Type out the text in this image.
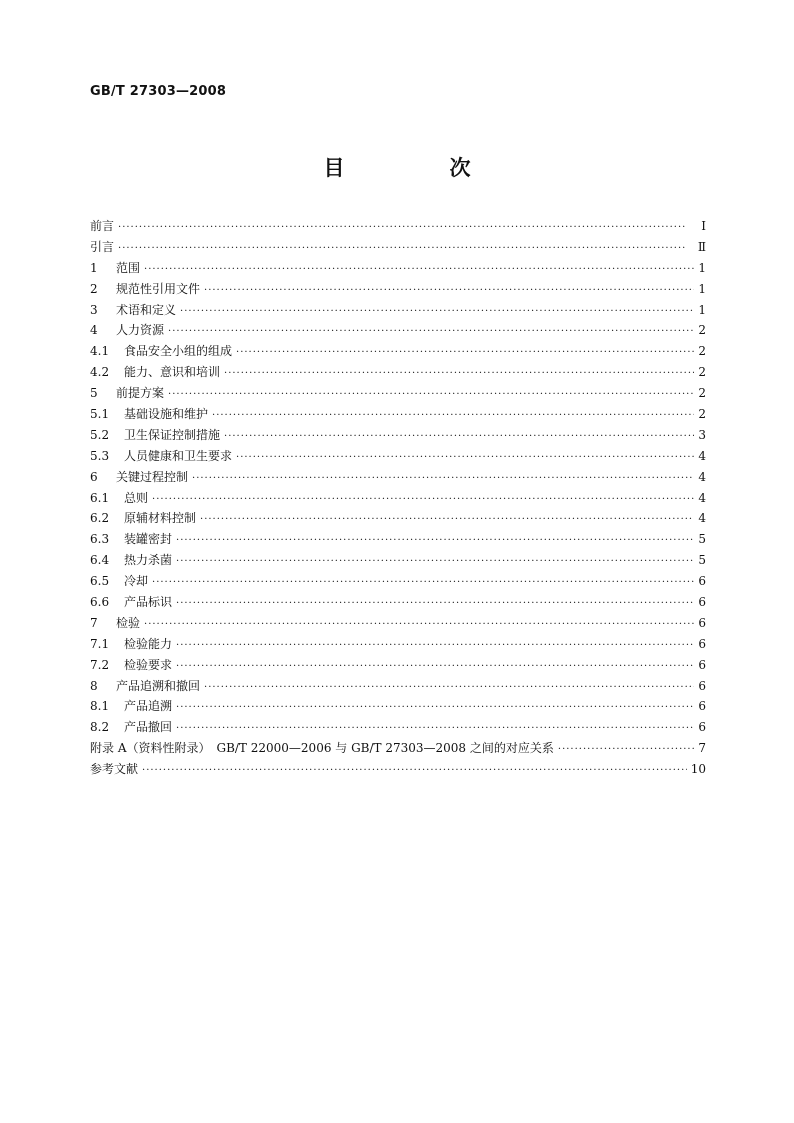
GB/T 27303—2008
目　次
前言 ·····	Ⅰ
引言 ·····	Ⅱ
1	范围 ·····	1
2	规范性引用文件 ·····	1
3	术语和定义 ·····	1
4	人力资源 ·····	2
4.1	食品安全小组的组成 ·····	2
4.2	能力、意识和培训 ·····	2
5	前提方案 ·····	2
5.1	基础设施和维护 ·····	2
5.2	卫生保证控制措施 ·····	3
5.3	人员健康和卫生要求 ·····	4
6	关键过程控制 ·····	4
6.1	总则 ·····	4
6.2	原辅材料控制 ·····	4
6.3	装罐密封 ·····	5
6.4	热力杀菌 ·····	5
6.5	冷却 ·····	6
6.6	产品标识 ·····	6
7	检验 ·····	6
7.1	检验能力 ·····	6
7.2	检验要求 ·····	6
8	产品追溯和撤回 ·····	6
8.1	产品追溯 ·····	6
8.2	产品撤回 ·····	6
附录 A（资料性附录）　GB/T 22000—2006 与 GB/T 27303—2008 之间的对应关系 ·····	7
参考文献 ·····	10
